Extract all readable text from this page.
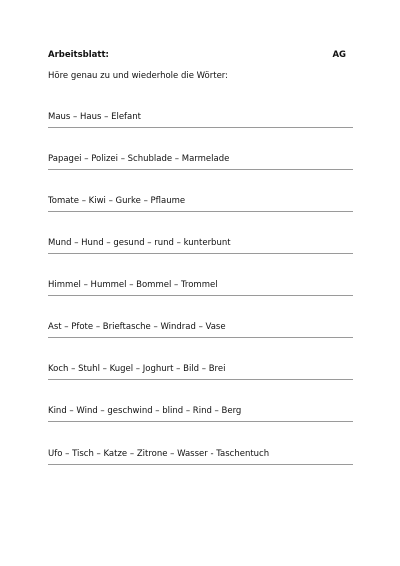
Arbeitsblatt:	AG
Höre genau zu und wiederhole die Wörter:
Maus – Haus – Elefant
Papagei – Polizei – Schublade – Marmelade
Tomate – Kiwi – Gurke – Pflaume
Mund – Hund – gesund – rund – kunterbunt
Himmel – Hummel – Bommel – Trommel
Ast – Pfote – Brieftasche – Windrad – Vase
Koch – Stuhl – Kugel – Joghurt – Bild – Brei
Kind – Wind – geschwind – blind – Rind – Berg
Ufo – Tisch – Katze – Zitrone – Wasser - Taschentuch
